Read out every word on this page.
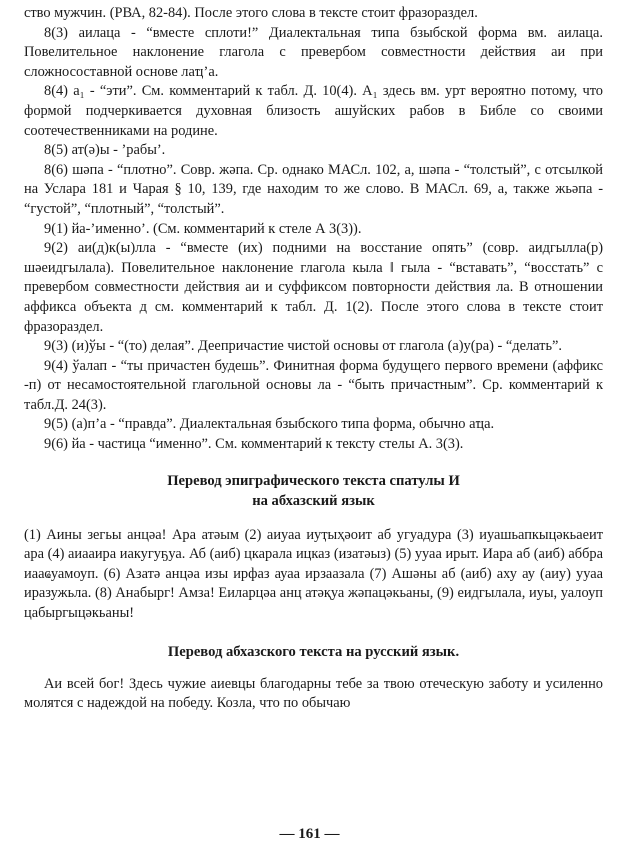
ство мужчин. (РВА, 82-84). После этого слова в тексте стоит фразораздел.

8(3) аилаца - “вместе сплоти!” Диалектальная типа бзыбской форма вм. аилаца. Повелительное наклонение глагола с превербом совместности действия аи при сложносоставной основе лаҵ’а.

8(4) а₁ - “эти”. См. комментарий к табл. Д. 10(4). А₁ здесь вм. урт вероятно потому, что формой подчеркивается духовная близость ашуйских рабов в Библе со своими соотечественниками на родине.

8(5) ат(ә)ы - ’рабы’.

8(6) шәпа - “плотно”. Совр. жәпа. Ср. однако МАСл. 102, а, шәпа - “толстый”, с отсылкой на Услара 181 и Чарая § 10, 139, где находим то же слово. В МАСл. 69, а, также жьәпа - “густой”, “плотный”, “толстый”.

9(1) йа-’именно’. (См. комментарий к стеле А 3(3)).

9(2) аи(д)к(ы)лла - “вместе (их) подними на восстание опять” (совр. аидгылла(р) шәеидгылала). Повелительное наклонение глагола кыла ‖ гыла - “вставать”, “восстать” с превербом совместности действия аи и суффиксом повторности действия ла. В отношении аффикса объекта д см. комментарий к табл. Д. 1(2). После этого слова в тексте стоит фразораздел.

9(3) (и)ўы - “(то) делая”. Деепричастие чистой основы от глагола (а)у(ра) - “делать”.

9(4) ўалап - “ты причастен будешь”. Финитная форма будущего первого времени (аффикс -п) от несамостоятельной глагольной основы ла - “быть причастным”. Ср. комментарий к табл.Д. 24(3).

9(5) (а)п’а - “правда”. Диалектальная бзыбского типа форма, обычно аҵа.

9(6) йа - частица “именно”. См. комментарий к тексту стелы А. 3(3).

Перевод эпиграфического текста спатулы И

на абхазский язык

(1) Аины зегьы анцәа! Ара атәым (2) аиуаа иуҭыҳәоит аб угуадура (3) иуашьапкыцәкьаеит ара (4) аиааира иакугуҕуа. Аб (аиб) цкарала ицказ (изатәыз) (5) ууаа ирыт. Иара аб (аиб) аббра иааҩуамоуп. (6) Азатә анцәа изы ирфаз ауаа ирзаазала (7) Ашәны аб (аиб) аху ау (аиу) ууаа иразужьла. (8) Анабырг! Амза! Еиларцәа анц атәқуа жәпацәкьаны, (9) еидгылала, иуы, уалоуп цабыргыцәкьаны!

Перевод абхазского текста на русский язык.

Аи всей бог! Здесь чужие аиевцы благодарны тебе за твою отеческую заботу и усиленно молятся с надеждой на победу. Козла, что по обычаю

— 161 —
